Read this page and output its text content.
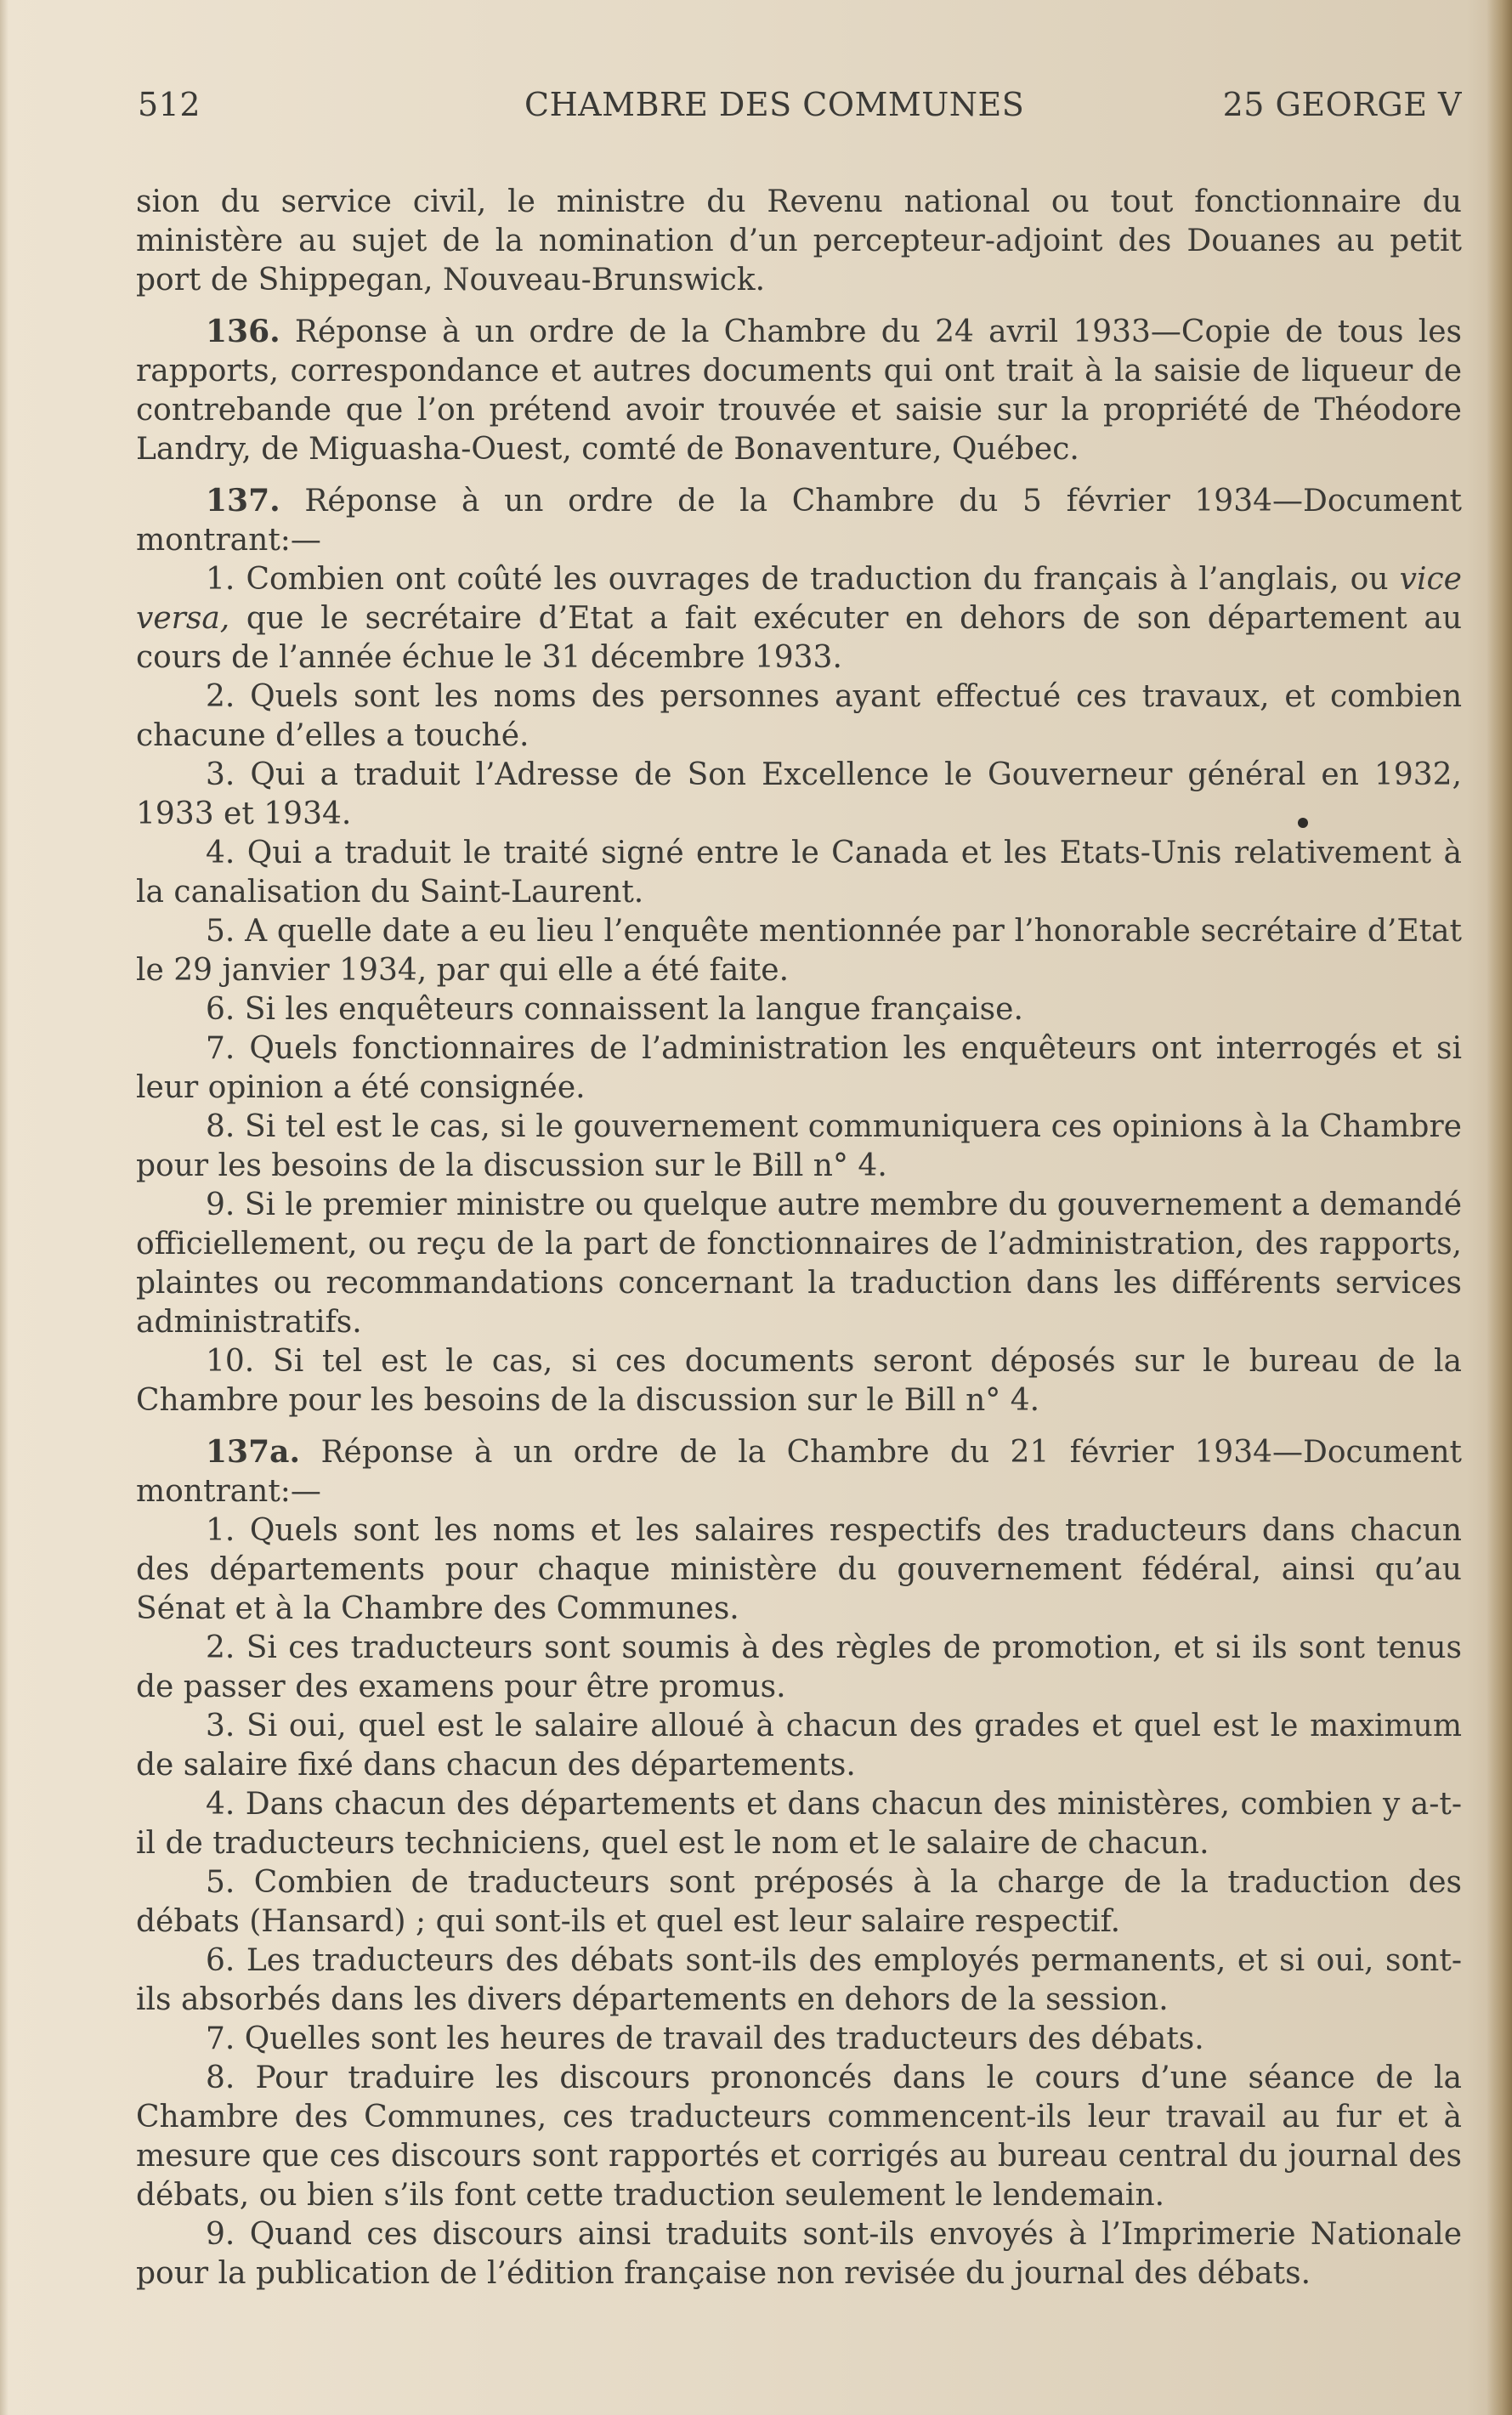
512	CHAMBRE DES COMMUNES	25 GEORGE V

sion du service civil, le ministre du Revenu national ou tout fonctionnaire du ministère au sujet de la nomination d’un percepteur-adjoint des Douanes au petit port de Shippegan, Nouveau-Brunswick.

136. Réponse à un ordre de la Chambre du 24 avril 1933—Copie de tous les rapports, correspondance et autres documents qui ont trait à la saisie de liqueur de contrebande que l’on prétend avoir trouvée et saisie sur la propriété de Théodore Landry, de Miguasha-Ouest, comté de Bonaventure, Québec.

137. Réponse à un ordre de la Chambre du 5 février 1934—Document montrant:—

1. Combien ont coûté les ouvrages de traduction du français à l’anglais, ou vice versa, que le secrétaire d’Etat a fait exécuter en dehors de son département au cours de l’année échue le 31 décembre 1933.

2. Quels sont les noms des personnes ayant effectué ces travaux, et combien chacune d’elles a touché.

3. Qui a traduit l’Adresse de Son Excellence le Gouverneur général en 1932, 1933 et 1934.

4. Qui a traduit le traité signé entre le Canada et les Etats-Unis relativement à la canalisation du Saint-Laurent.

5. A quelle date a eu lieu l’enquête mentionnée par l’honorable secrétaire d’Etat le 29 janvier 1934, par qui elle a été faite.

6. Si les enquêteurs connaissent la langue française.

7. Quels fonctionnaires de l’administration les enquêteurs ont interrogés et si leur opinion a été consignée.

8. Si tel est le cas, si le gouvernement communiquera ces opinions à la Chambre pour les besoins de la discussion sur le Bill n° 4.

9. Si le premier ministre ou quelque autre membre du gouvernement a demandé officiellement, ou reçu de la part de fonctionnaires de l’administration, des rapports, plaintes ou recommandations concernant la traduction dans les différents services administratifs.

10. Si tel est le cas, si ces documents seront déposés sur le bureau de la Chambre pour les besoins de la discussion sur le Bill n° 4.

137a. Réponse à un ordre de la Chambre du 21 février 1934—Document montrant:—

1. Quels sont les noms et les salaires respectifs des traducteurs dans chacun des départements pour chaque ministère du gouvernement fédéral, ainsi qu’au Sénat et à la Chambre des Communes.

2. Si ces traducteurs sont soumis à des règles de promotion, et si ils sont tenus de passer des examens pour être promus.

3. Si oui, quel est le salaire alloué à chacun des grades et quel est le maximum de salaire fixé dans chacun des départements.

4. Dans chacun des départements et dans chacun des ministères, combien y a-t-il de traducteurs techniciens, quel est le nom et le salaire de chacun.

5. Combien de traducteurs sont préposés à la charge de la traduction des débats (Hansard) ; qui sont-ils et quel est leur salaire respectif.

6. Les traducteurs des débats sont-ils des employés permanents, et si oui, sont-ils absorbés dans les divers départements en dehors de la session.

7. Quelles sont les heures de travail des traducteurs des débats.

8. Pour traduire les discours prononcés dans le cours d’une séance de la Chambre des Communes, ces traducteurs commencent-ils leur travail au fur et à mesure que ces discours sont rapportés et corrigés au bureau central du journal des débats, ou bien s’ils font cette traduction seulement le lendemain.

9. Quand ces discours ainsi traduits sont-ils envoyés à l’Imprimerie Nationale pour la publication de l’édition française non revisée du journal des débats.
